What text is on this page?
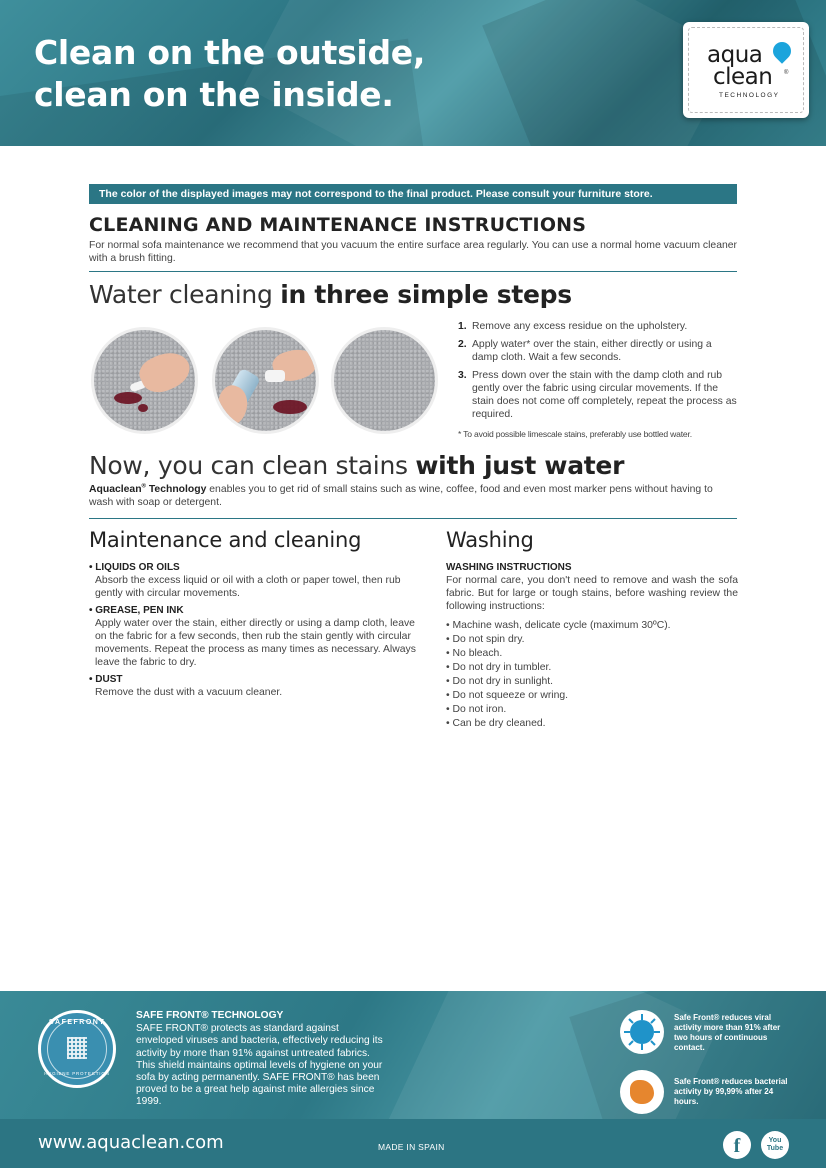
Clean on the outside,
clean on the inside.
aqua
clean ®
TECHNOLOGY
The color of the displayed images may not correspond to the final product. Please consult your furniture store.
CLEANING AND MAINTENANCE INSTRUCTIONS
For normal sofa maintenance we recommend that you vacuum the entire surface area regularly. You can use a normal home vacuum cleaner with a brush fitting.
Water cleaning in three simple steps
1. Remove any excess residue on the upholstery.
2. Apply water* over the stain, either directly or using a damp cloth. Wait a few seconds.
3. Press down over the stain with the damp cloth and rub gently over the fabric using circular movements. If the stain does not come off completely, repeat the process as required.
* To avoid possible limescale stains, preferably use bottled water.
Now, you can clean stains with just water
Aquaclean® Technology enables you to get rid of small stains such as wine, coffee, food and even most marker pens without having to wash with soap or detergent.
Maintenance and cleaning
• LIQUIDS OR OILS
Absorb the excess liquid or oil with a cloth or paper towel, then rub gently with circular movements.
• GREASE, PEN INK
Apply water over the stain, either directly or using a damp cloth, leave on the fabric for a few seconds, then rub the stain gently with circular movements. Repeat the process as many times as necessary. Always leave the fabric to dry.
• DUST
Remove the dust with a vacuum cleaner.
Washing
WASHING INSTRUCTIONS
For normal care, you don't need to remove and wash the sofa fabric. But for large or tough stains, before washing review the following instructions:
• Machine wash, delicate cycle (maximum 30ºC).
• Do not spin dry.
• No bleach.
• Do not dry in tumbler.
• Do not dry in sunlight.
• Do not squeeze or wring.
• Do not iron.
• Can be dry cleaned.
SAFEFRONT
HYGIENE PROTECTION
SAFE FRONT® TECHNOLOGY
SAFE FRONT® protects as standard against enveloped viruses and bacteria, effectively reducing its activity by more than 91% against untreated fabrics. This shield maintains optimal levels of hygiene on your sofa by acting permanently. SAFE FRONT® has been proved to be a great help against mite allergies since 1999.
Safe Front® reduces viral activity more than 91% after two hours of continuous contact.
Safe Front® reduces bacterial activity by 99,99% after 24 hours.
www.aquaclean.com	MADE IN SPAIN	f	You Tube
